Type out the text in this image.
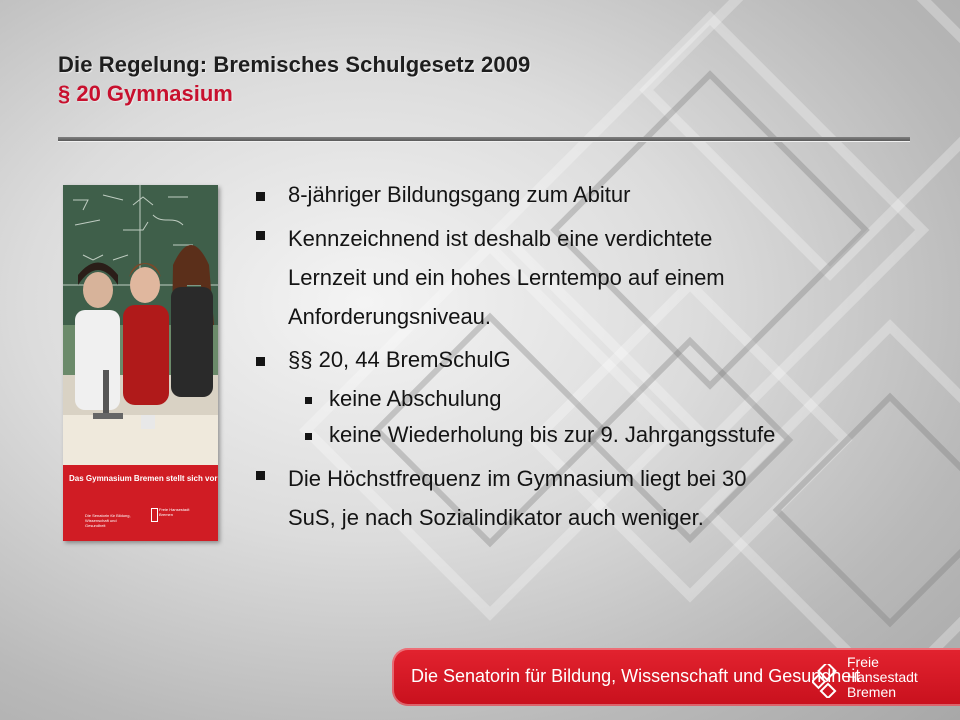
Die Regelung: Bremisches Schulgesetz 2009
§ 20 Gymnasium
Das Gymnasium Bremen stellt sich vor
Die Senatorin für Bildung, Wissenschaft und Gesundheit
Freie Hansestadt Bremen
8-jähriger Bildungsgang zum Abitur
Kennzeichnend ist deshalb eine verdichtete
Lernzeit und ein hohes Lerntempo auf einem
Anforderungsniveau.
§§ 20, 44 BremSchulG
keine Abschulung
keine Wiederholung bis zur 9. Jahrgangsstufe
Die Höchstfrequenz im Gymnasium liegt bei 30
SuS, je nach Sozialindikator auch weniger.
Die Senatorin für Bildung, Wissenschaft und Gesundheit
Freie
Hansestadt
Bremen
